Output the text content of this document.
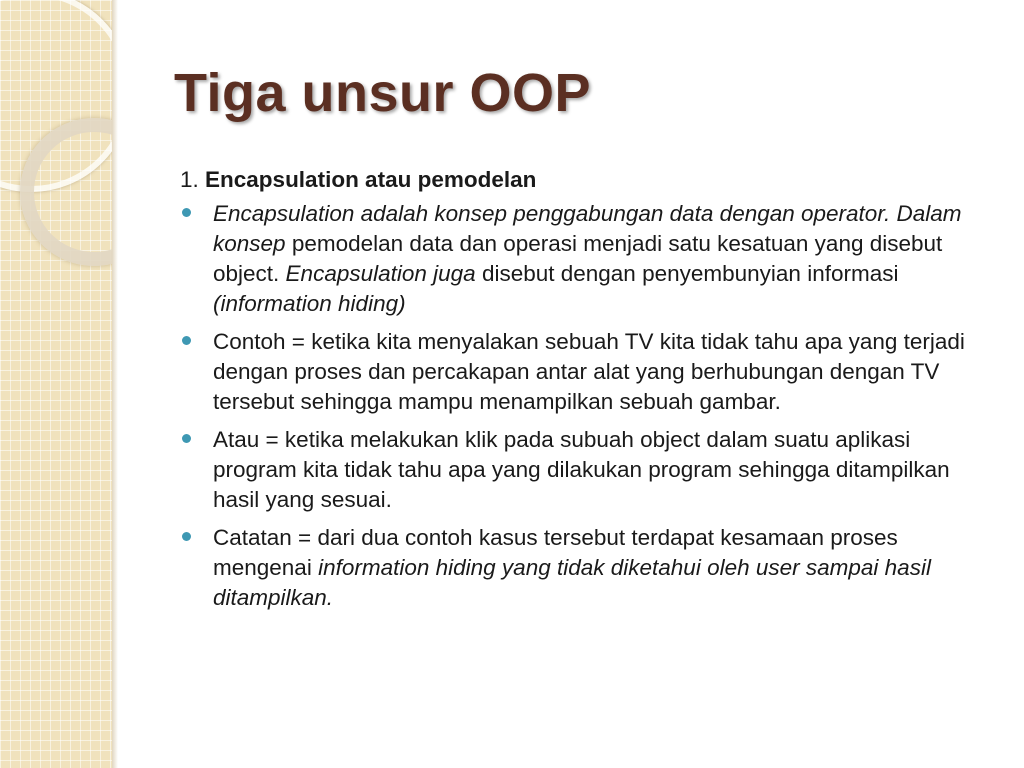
Tiga unsur OOP

1. Encapsulation atau pemodelan

Encapsulation adalah konsep penggabungan data dengan operator. Dalam konsep pemodelan data dan operasi menjadi satu kesatuan yang disebut object. Encapsulation juga disebut dengan penyembunyian informasi (information hiding)
Contoh = ketika kita menyalakan sebuah TV kita tidak tahu apa yang terjadi dengan proses dan percakapan antar alat yang berhubungan dengan TV tersebut sehingga mampu menampilkan sebuah gambar.
Atau = ketika melakukan klik pada subuah object dalam suatu aplikasi program kita tidak tahu apa yang dilakukan program sehingga ditampilkan hasil yang sesuai.
Catatan = dari dua contoh kasus tersebut terdapat kesamaan proses mengenai information hiding yang tidak diketahui oleh user sampai hasil ditampilkan.
